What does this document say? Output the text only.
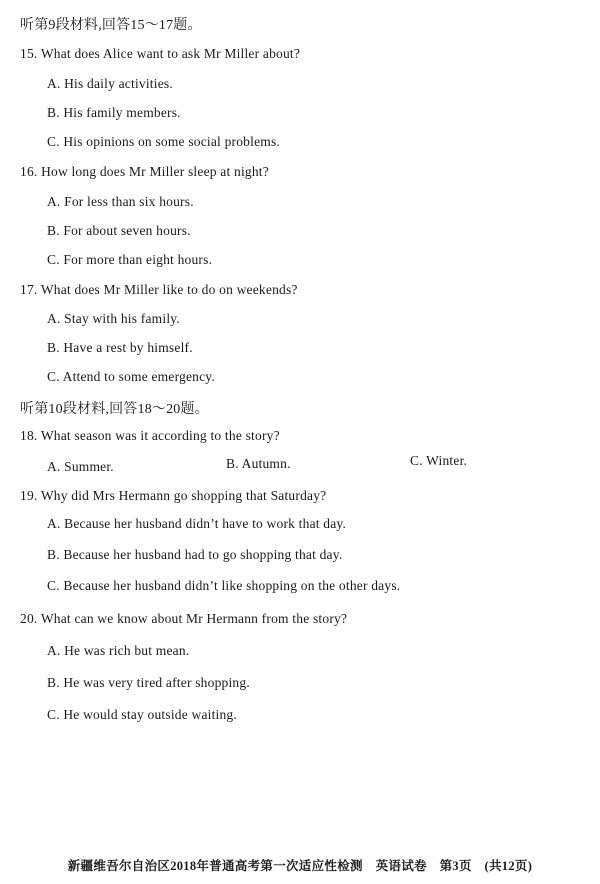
听第9段材料,回答15～17题。
15. What does Alice want to ask Mr Miller about?
A. His daily activities.
B. His family members.
C. His opinions on some social problems.
16. How long does Mr Miller sleep at night?
A. For less than six hours.
B. For about seven hours.
C. For more than eight hours.
17. What does Mr Miller like to do on weekends?
A. Stay with his family.
B. Have a rest by himself.
C. Attend to some emergency.
听第10段材料,回答18～20题。
18. What season was it according to the story?
A. Summer.	B. Autumn.	C. Winter.
19. Why did Mrs Hermann go shopping that Saturday?
A. Because her husband didn’t have to work that day.
B. Because her husband had to go shopping that day.
C. Because her husband didn’t like shopping on the other days.
20. What can we know about Mr Hermann from the story?
A. He was rich but mean.
B. He was very tired after shopping.
C. He would stay outside waiting.
新疆维吾尔自治区2018年普通高考第一次适应性检测　英语试卷　第3页　(共12页)
